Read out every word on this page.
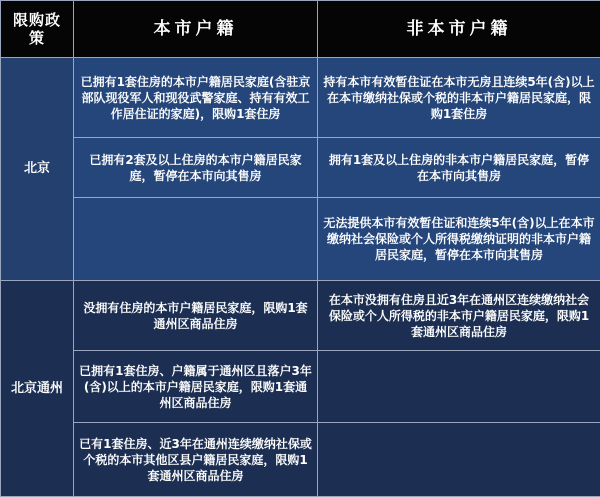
限购政策	本市户籍	非本市户籍
北京	已拥有1套住房的本市户籍居民家庭(含驻京部队现役军人和现役武警家庭、持有有效工作居住证的家庭)，限购1套住房	持有本市有效暂住证在本市无房且连续5年(含)以上在本市缴纳社保或个税的非本市户籍居民家庭，限购1套住房
	已拥有2套及以上住房的本市户籍居民家庭，暂停在本市向其售房	拥有1套及以上住房的非本市户籍居民家庭，暂停在本市向其售房
		无法提供本市有效暂住证和连续5年(含)以上在本市缴纳社会保险或个人所得税缴纳证明的非本市户籍居民家庭，暂停在本市向其售房
北京通州	没拥有住房的本市户籍居民家庭，限购1套通州区商品住房	在本市没拥有住房且近3年在通州区连续缴纳社会保险或个人所得税的非本市户籍居民家庭，限购1套通州区商品住房
	已拥有1套住房、户籍属于通州区且落户3年(含)以上的本市户籍居民家庭，限购1套通州区商品住房	
	已有1套住房、近3年在通州连续缴纳社保或个税的本市其他区县户籍居民家庭，限购1套通州区商品住房	
